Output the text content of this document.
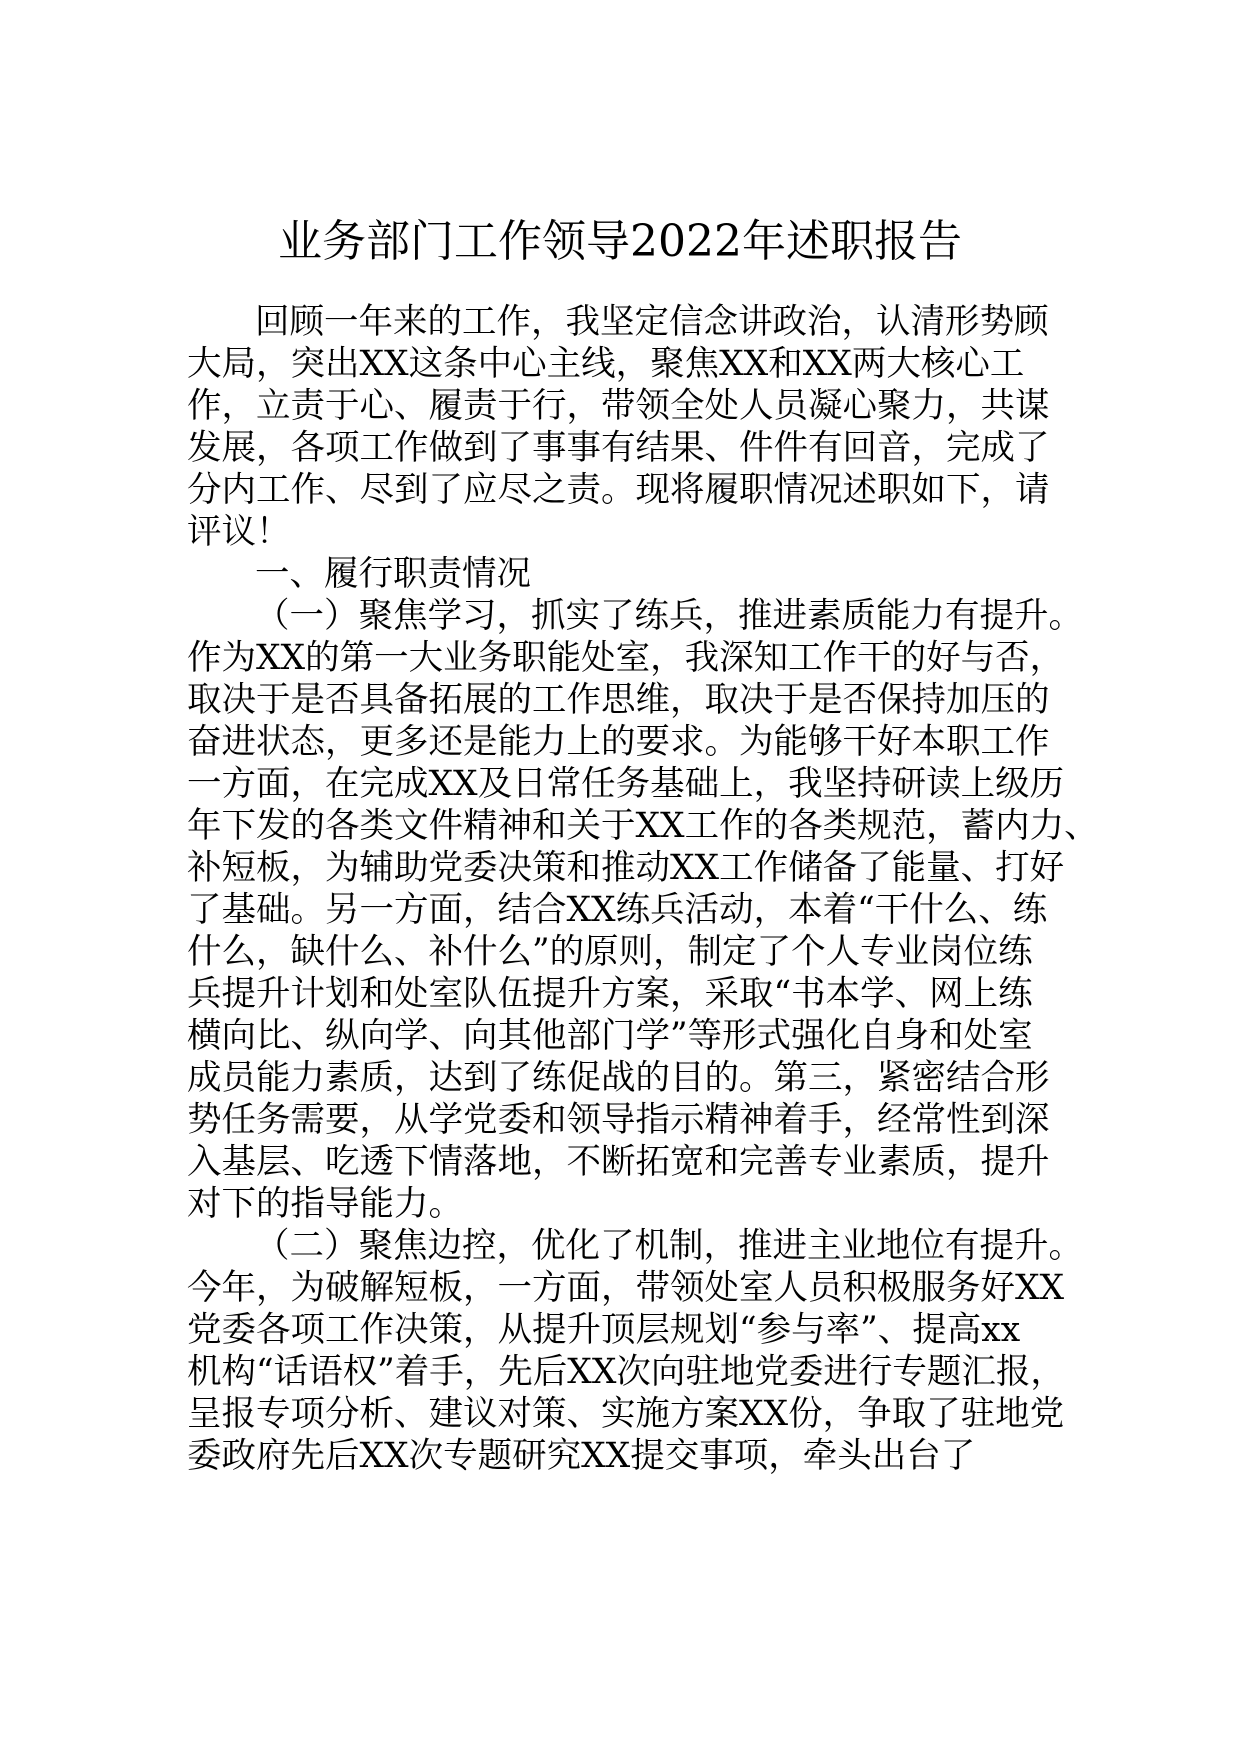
业务部门工作领导2022年述职报告
回顾一年来的工作，我坚定信念讲政治，认清形势顾
大局，突出XX这条中心主线，聚焦XX和XX两大核心工
作，立责于心、履责于行，带领全处人员凝心聚力，共谋
发展，各项工作做到了事事有结果、件件有回音，完成了
分内工作、尽到了应尽之责。现将履职情况述职如下，请
评议！
一、履行职责情况
（一）聚焦学习，抓实了练兵，推进素质能力有提升。
作为XX的第一大业务职能处室，我深知工作干的好与否，
取决于是否具备拓展的工作思维，取决于是否保持加压的
奋进状态，更多还是能力上的要求。为能够干好本职工作
一方面，在完成XX及日常任务基础上，我坚持研读上级历
年下发的各类文件精神和关于XX工作的各类规范，蓄内力、
补短板，为辅助党委决策和推动XX工作储备了能量、打好
了基础。另一方面，结合XX练兵活动，本着“干什么、练
什么，缺什么、补什么”的原则，制定了个人专业岗位练
兵提升计划和处室队伍提升方案，采取“书本学、网上练
横向比、纵向学、向其他部门学”等形式强化自身和处室
成员能力素质，达到了练促战的目的。第三，紧密结合形
势任务需要，从学党委和领导指示精神着手，经常性到深
入基层、吃透下情落地，不断拓宽和完善专业素质，提升
对下的指导能力。
（二）聚焦边控，优化了机制，推进主业地位有提升。
今年，为破解短板，一方面，带领处室人员积极服务好XX
党委各项工作决策，从提升顶层规划“参与率”、提高xx
机构“话语权”着手，先后XX次向驻地党委进行专题汇报，
呈报专项分析、建议对策、实施方案XX份，争取了驻地党
委政府先后XX次专题研究XX提交事项，牵头出台了
